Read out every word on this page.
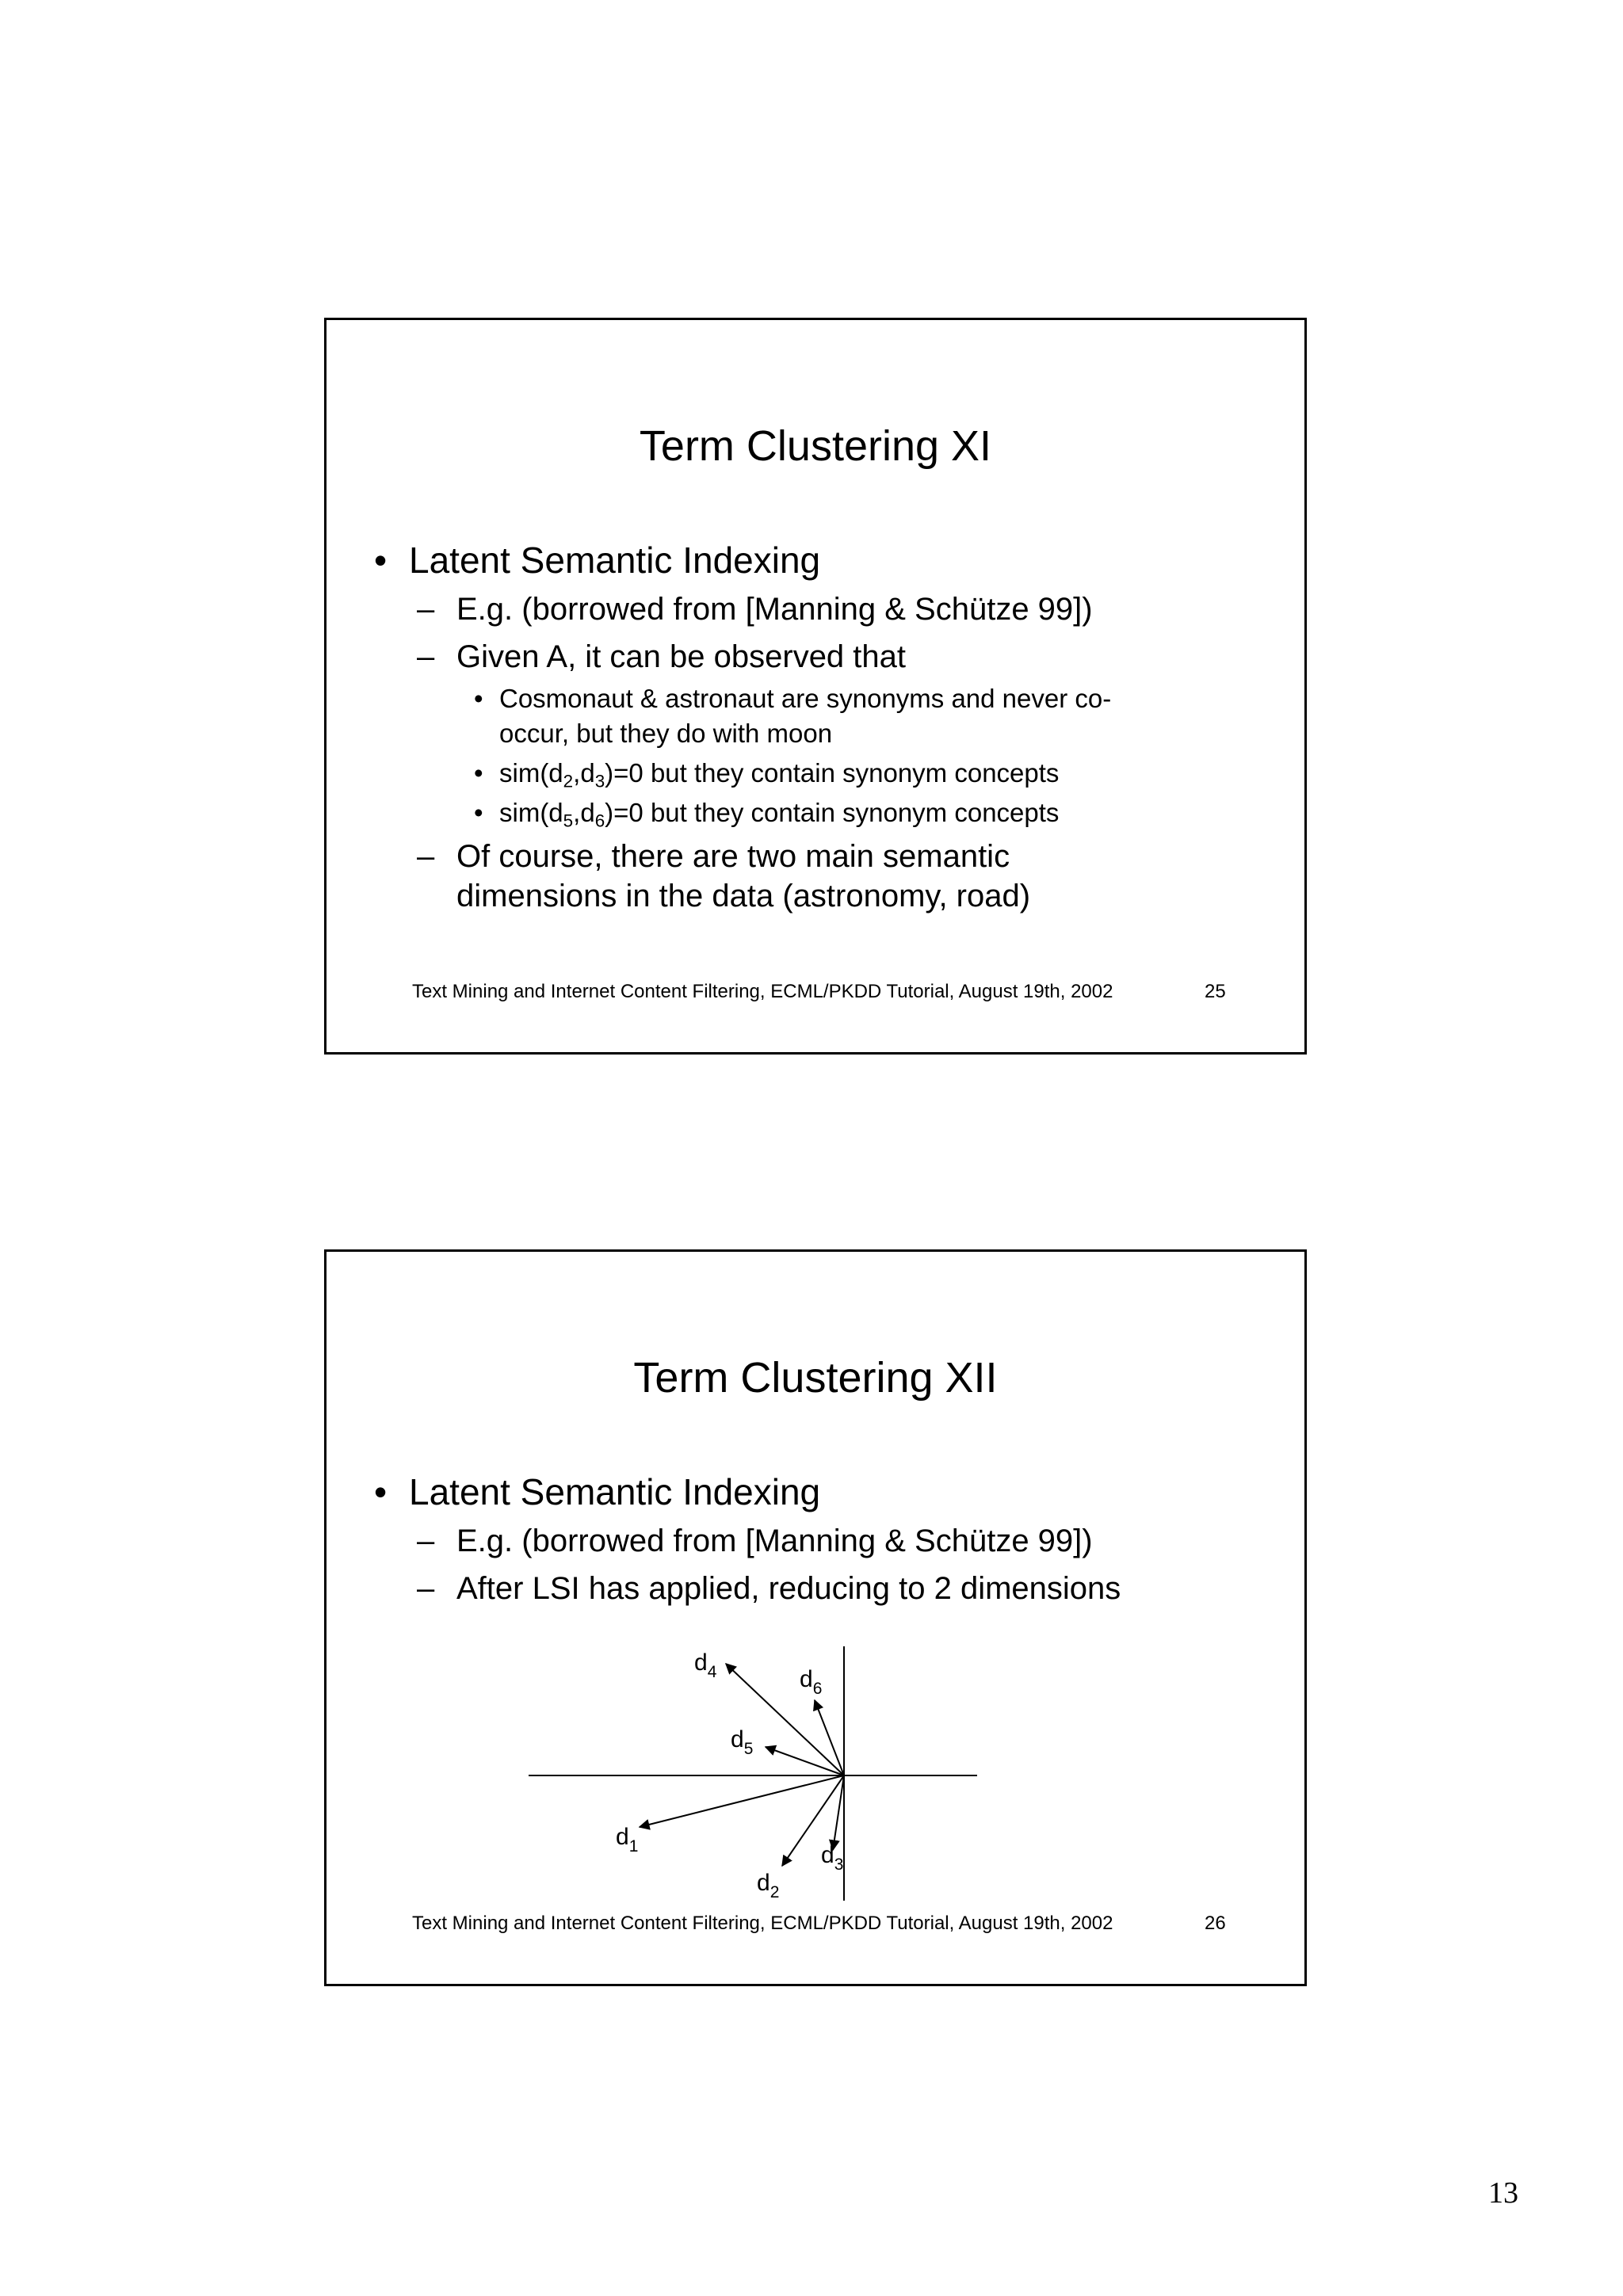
Term Clustering XI
• Latent Semantic Indexing
– E.g. (borrowed from [Manning & Schütze 99])
– Given A, it can be observed that
• Cosmonaut & astronaut are synonyms and never co-
occur, but they do with moon
• $sim(d_2,d_3)=0$ but they contain synonym concepts
• $sim(d_5,d_6)=0$ but they contain synonym concepts
– Of course, there are two main semantic
dimensions in the data (astronomy, road)
Text Mining and Internet Content Filtering, ECML/PKDD Tutorial, August 19th, 2002	25
Term Clustering XII
• Latent Semantic Indexing
– E.g. (borrowed from [Manning & Schütze 99])
– After LSI has applied, reducing to 2 dimensions
$d_4$	$d_6$
$d_5$
$d_1$
$d_2$
$d_3$
Text Mining and Internet Content Filtering, ECML/PKDD Tutorial, August 19th, 2002	26
13
